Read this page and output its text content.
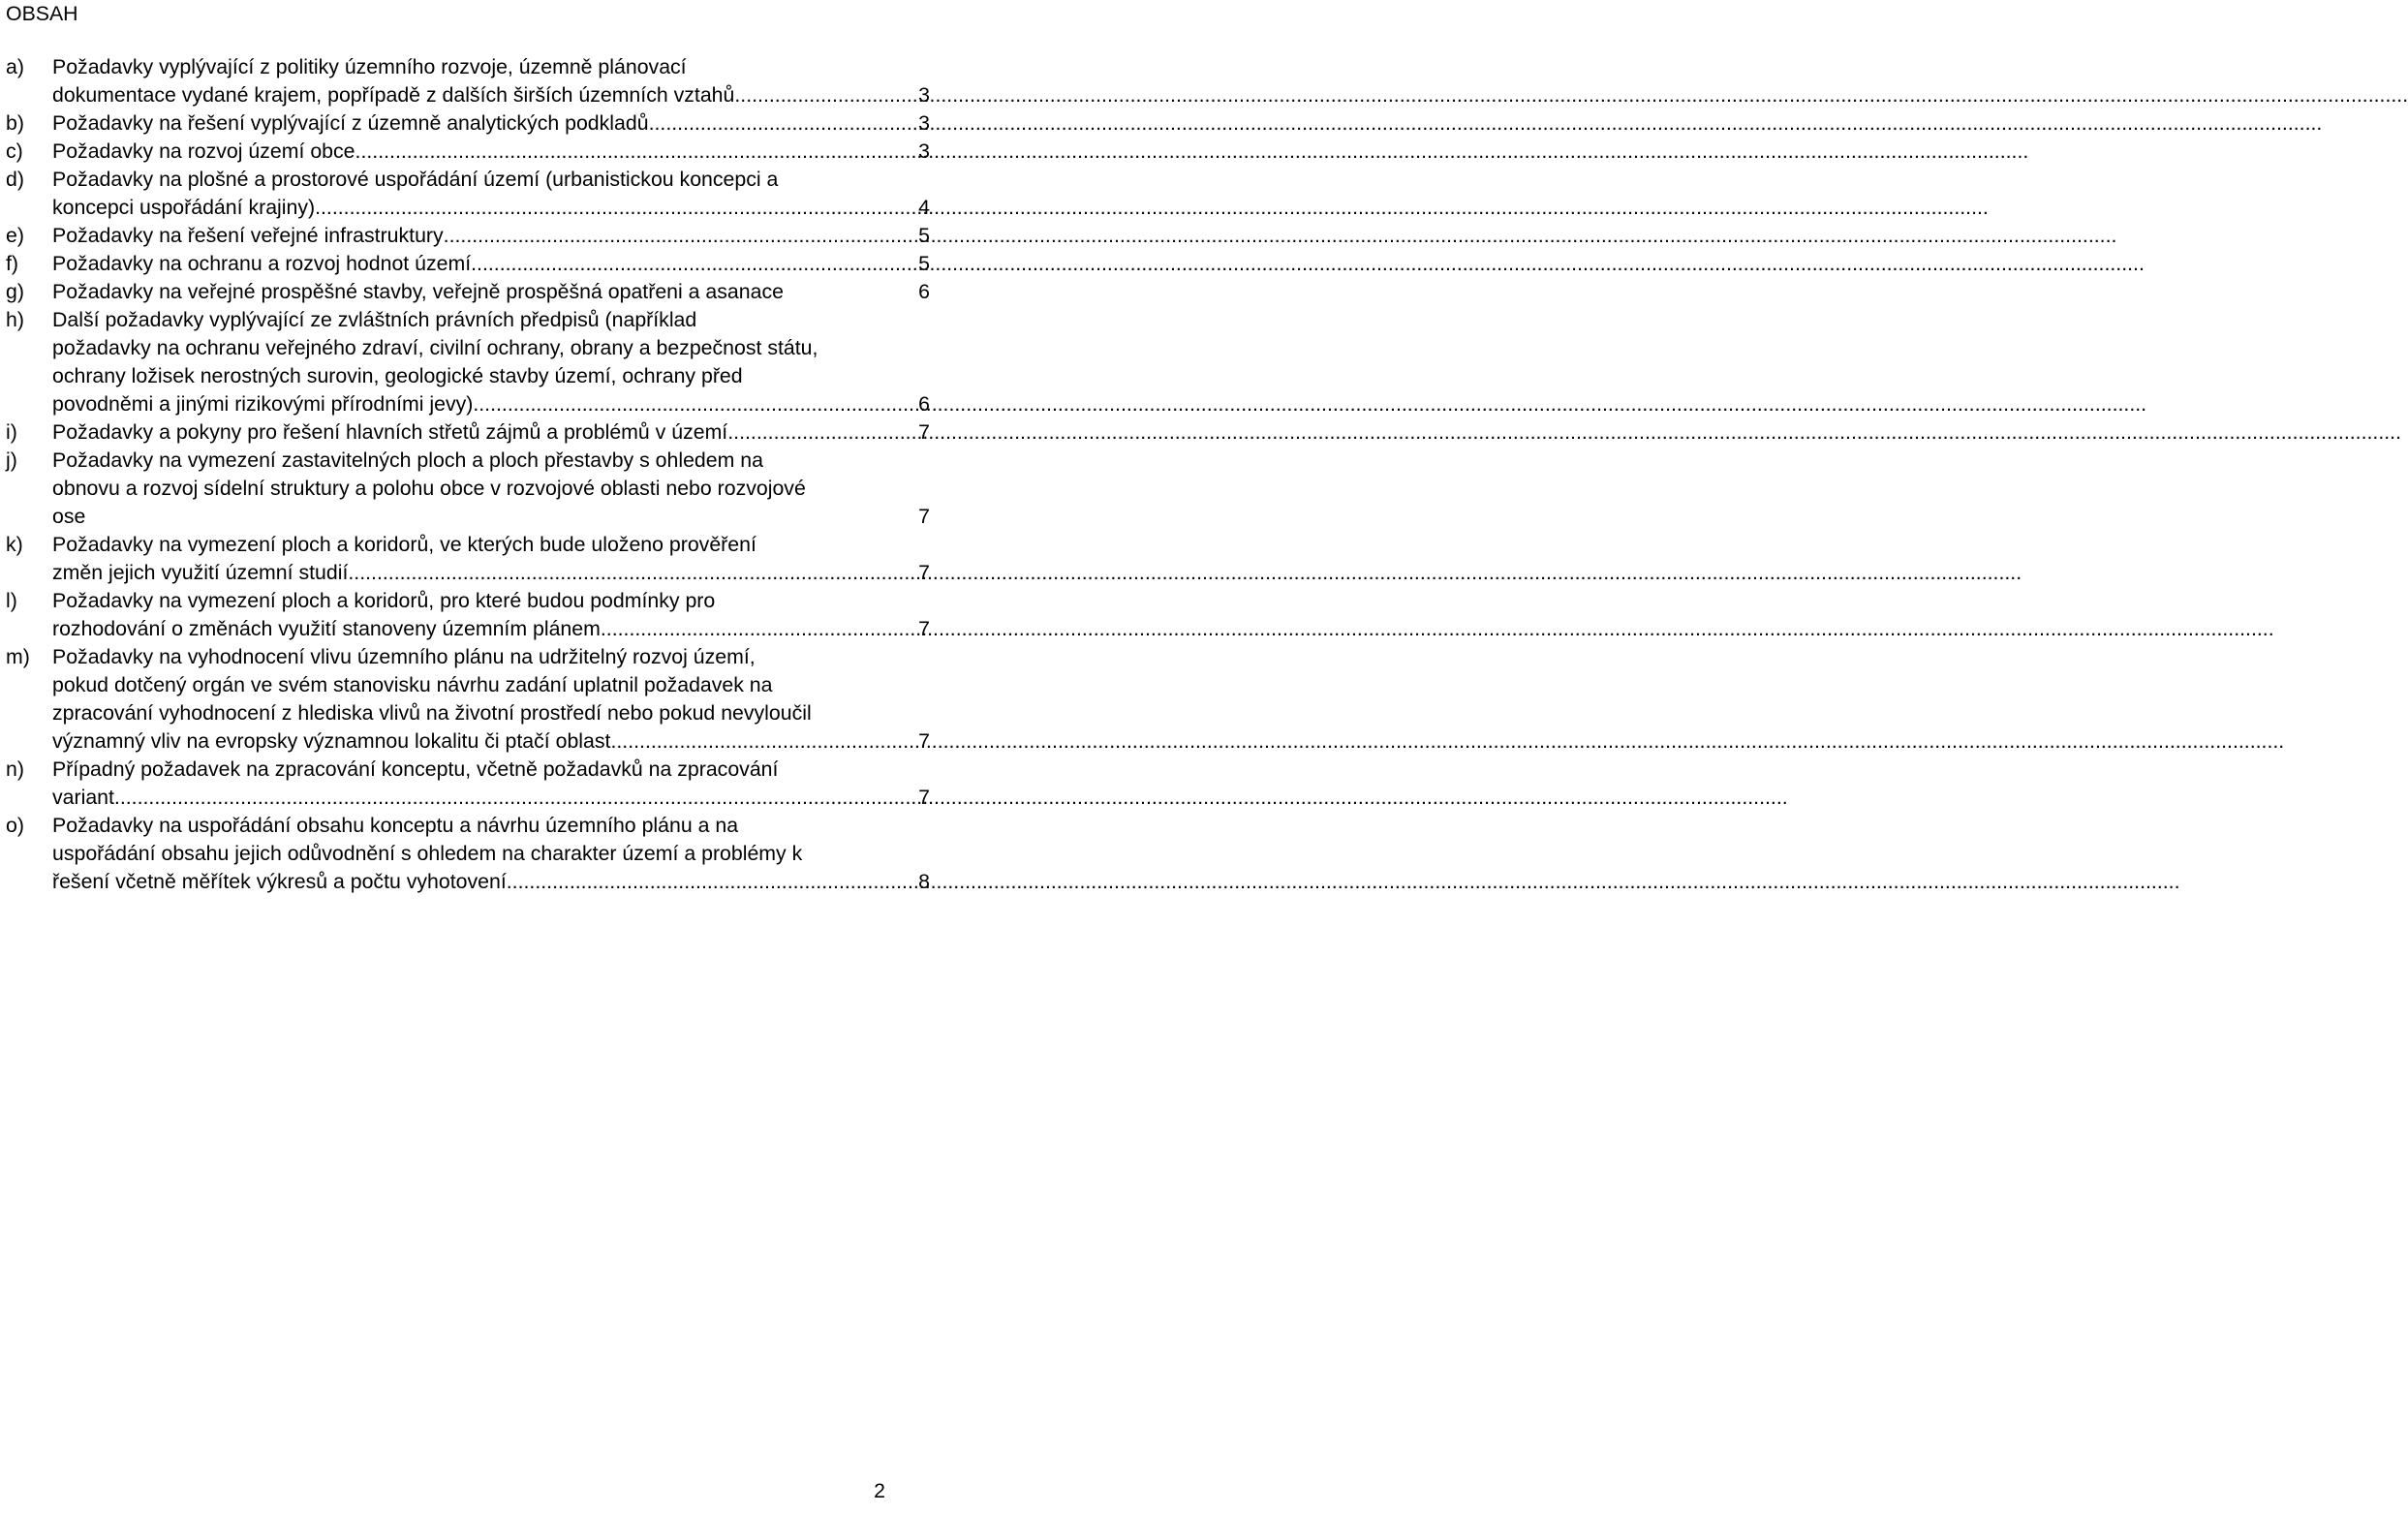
OBSAH
a)	Požadavky vyplývající z politiky územního rozvoje, územně plánovací
dokumentace vydané krajem, popřípadě z dalších širších územních vztahů .....	3
b)	Požadavky na řešení vyplývající z územně analytických podkladů .....	3
c)	Požadavky na rozvoj území obce .....	3
d)	Požadavky na plošné a prostorové uspořádání území (urbanistickou koncepci a
koncepci uspořádání krajiny) .....	4
e)	Požadavky na řešení veřejné infrastruktury .....	5
f)	Požadavky na ochranu a rozvoj hodnot území .....	5
g)	Požadavky na veřejné prospěšné stavby, veřejně prospěšná opatřeni a asanace	6
h)	Další požadavky vyplývající ze zvláštních právních předpisů (například
požadavky na ochranu veřejného zdraví, civilní ochrany, obrany a bezpečnost státu,
ochrany ložisek nerostných surovin, geologické stavby území, ochrany před
povodněmi a jinými rizikovými přírodními jevy) .....	6
i)	Požadavky a pokyny pro řešení hlavních střetů zájmů a problémů v území .....	7
j)	Požadavky na vymezení zastavitelných ploch a ploch přestavby s ohledem na
obnovu a rozvoj sídelní struktury a polohu obce v rozvojové oblasti nebo rozvojové
ose	7
k)	Požadavky na vymezení ploch a koridorů, ve kterých bude uloženo prověření
změn jejich využití územní studií .....	7
l)	Požadavky na vymezení ploch a koridorů, pro které budou podmínky pro
rozhodování o změnách využití stanoveny územním plánem .....	7
m)	Požadavky na vyhodnocení vlivu územního plánu na udržitelný rozvoj území,
pokud dotčený orgán ve svém stanovisku návrhu zadání uplatnil požadavek na
zpracování vyhodnocení z hlediska vlivů na životní prostředí nebo pokud nevyloučil
významný vliv na evropsky významnou lokalitu či ptačí oblast .....	7
n)	Případný požadavek na zpracování konceptu, včetně požadavků na zpracování
variant .....	7
o)	Požadavky na uspořádání obsahu konceptu a návrhu územního plánu a na
uspořádání obsahu jejich odůvodnění s ohledem na charakter území a problémy k
řešení včetně měřítek výkresů a počtu vyhotovení .....	8
2
